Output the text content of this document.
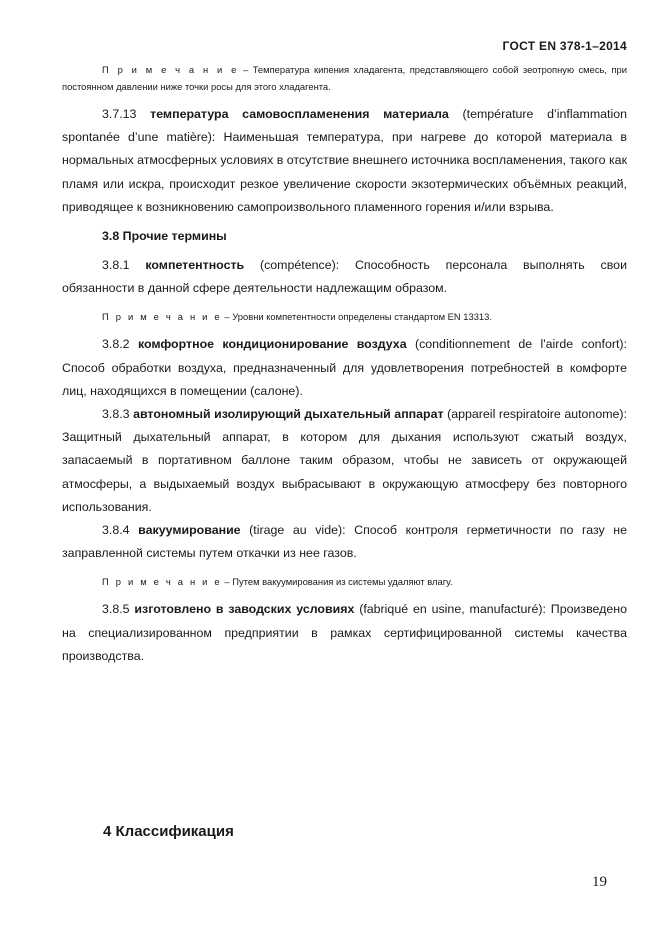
ГОСТ EN 378-1–2014

П р и м е ч а н и е – Температура кипения хладагента, представляющего собой зеотропную смесь, при постоянном давлении ниже точки росы для этого хладагента.

3.7.13 температура самовоспламенения материала (température d’inflammation spontanée d’une matière): Наименьшая температура, при нагреве до которой материала в нормальных атмосферных условиях в отсутствие внешнего источника воспламенения, такого как пламя или искра, происходит резкое увеличение скорости экзотермических объёмных реакций, приводящее к возникновению самопроизвольного пламенного горения и/или взрыва.

3.8 Прочие термины

3.8.1 компетентность (compétence): Способность персонала выполнять свои обязанности в данной сфере деятельности надлежащим образом.

П р и м е ч а н и е – Уровни компетентности определены стандартом EN 13313.

3.8.2 комфортное кондиционирование воздуха (conditionnement de l'airde confort): Способ обработки воздуха, предназначенный для удовлетворения потребностей в комфорте лиц, находящихся в помещении (салоне).

3.8.3 автономный изолирующий дыхательный аппарат (appareil respiratoire autonome): Защитный дыхательный аппарат, в котором для дыхания используют сжатый воздух, запасаемый в портативном баллоне таким образом, чтобы не зависеть от окружающей атмосферы, а выдыхаемый воздух выбрасывают в окружающую атмосферу без повторного использования.

3.8.4 вакуумирование (tirage au vide): Способ контроля герметичности по газу не заправленной системы путем откачки из нее газов.

П р и м е ч а н и е – Путем вакуумирования из системы удаляют влагу.

3.8.5 изготовлено в заводских условиях (fabriqué en usine, manufacturé): Произведено на специализированном предприятии в рамках сертифицированной системы качества производства.

4 Классификация
19
